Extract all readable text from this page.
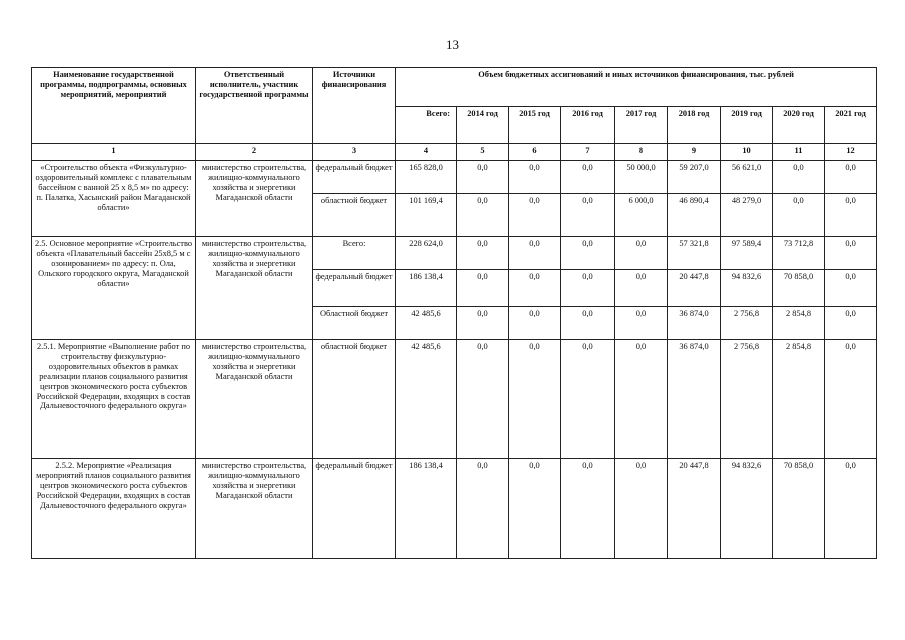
13
Наименование государственной программы, подпрограммы, основных мероприятий, мероприятий	Ответственный исполнитель, участник государственной программы	Источники финансирования	Объем бюджетных ассигнований и иных источников финансирования, тыс. рублей								
			Всего:	2014 год	2015 год	2016 год	2017 год	2018 год	2019 год	2020 год	2021 год
1	2	3	4	5	6	7	8	9	10	11	12
«Строительство объекта «Физкультурно-оздоровительный комплекс с плавательным бассейном с ванной 25 х 8,5 м» по адресу: п. Палатка, Хасынский район Магаданской области»	министерство строительства, жилищно-коммунального хозяйства и энергетики Магаданской области	федеральный бюджет	165 828,0	0,0	0,0	0,0	50 000,0	59 207,0	56 621,0	0,0	0,0
		областной бюджет	101 169,4	0,0	0,0	0,0	6 000,0	46 890,4	48 279,0	0,0	0,0
2.5. Основное мероприятие «Строительство объекта «Плавательный бассейн 25х8,5 м с озонированием» по адресу: п. Ола, Ольского городского округа, Магаданской области»	министерство строительства, жилищно-коммунального хозяйства и энергетики Магаданской области	Всего:	228 624,0	0,0	0,0	0,0	0,0	57 321,8	97 589,4	73 712,8	0,0
		федеральный бюджет	186 138,4	0,0	0,0	0,0	0,0	20 447,8	94 832,6	70 858,0	0,0
		Областной бюджет	42 485,6	0,0	0,0	0,0	0,0	36 874,0	2 756,8	2 854,8	0,0
2.5.1. Мероприятие «Выполнение работ по строительству физкультурно-оздоровительных объектов в рамках реализации планов социального развития центров экономического роста субъектов Российской Федерации, входящих в состав Дальневосточного федерального округа»	министерство строительства, жилищно-коммунального хозяйства и энергетики Магаданской области	областной бюджет	42 485,6	0,0	0,0	0,0	0,0	36 874,0	2 756,8	2 854,8	0,0
2.5.2. Мероприятие «Реализация мероприятий планов социального развития центров экономического роста субъектов Российской Федерации, входящих в состав Дальневосточного федерального округа»	министерство строительства, жилищно-коммунального хозяйства и энергетики Магаданской области	федеральный бюджет	186 138,4	0,0	0,0	0,0	0,0	20 447,8	94 832,6	70 858,0	0,0
